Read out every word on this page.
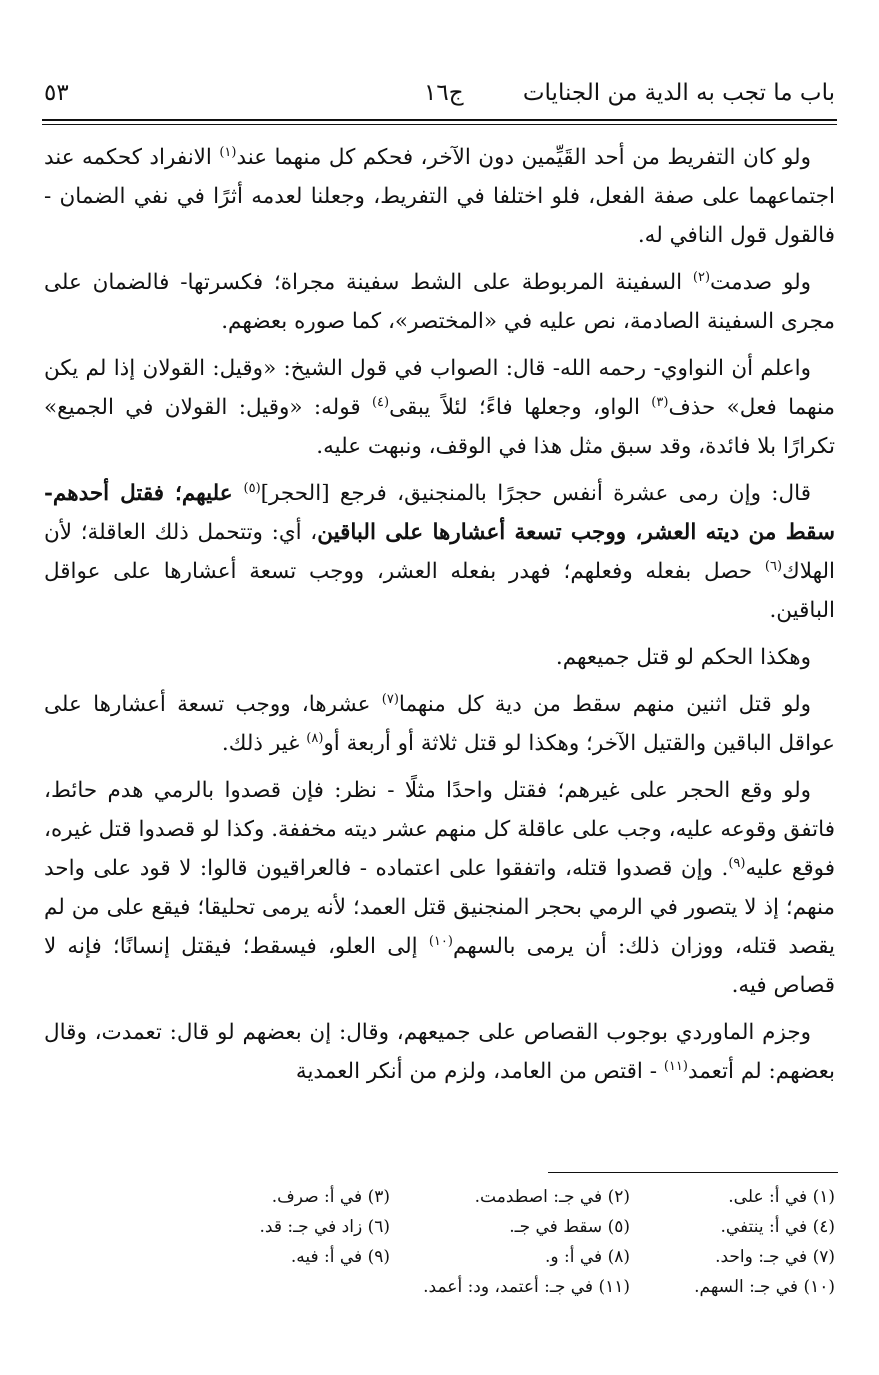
باب ما تجب به الدية من الجنايات
ج١٦
٥٣

ولو كان التفريط من أحد القَيِّمين دون الآخر، فحكم كل منهما عند$^{(١)}$ الانفراد كحكمه عند اجتماعهما على صفة الفعل، فلو اختلفا في التفريط، وجعلنا لعدمه أثرًا في نفي الضمان - فالقول قول النافي له.

ولو صدمت$^{(٢)}$ السفينة المربوطة على الشط سفينة مجراة؛ فكسرتها- فالضمان على مجرى السفينة الصادمة، نص عليه في «المختصر»، كما صوره بعضهم.

واعلم أن النواوي- رحمه الله- قال: الصواب في قول الشيخ: «وقيل: القولان إذا لم يكن منهما فعل» حذف$^{(٣)}$ الواو، وجعلها فاءً؛ لئلاً يبقى$^{(٤)}$ قوله: «وقيل: القولان في الجميع» تكرارًا بلا فائدة، وقد سبق مثل هذا في الوقف، ونبهت عليه.

قال: وإن رمى عشرة أنفس حجرًا بالمنجنيق، فرجع [الحجر]$^{(٥)}$ عليهم؛ فقتل أحدهم- سقط من ديته العشر، ووجب تسعة أعشارها على الباقين، أي: وتتحمل ذلك العاقلة؛ لأن الهلاك$^{(٦)}$ حصل بفعله وفعلهم؛ فهدر بفعله العشر، ووجب تسعة أعشارها على عواقل الباقين.

وهكذا الحكم لو قتل جميعهم.

ولو قتل اثنين منهم سقط من دية كل منهما$^{(٧)}$ عشرها، ووجب تسعة أعشارها على عواقل الباقين والقتيل الآخر؛ وهكذا لو قتل ثلاثة أو أربعة أو$^{(٨)}$ غير ذلك.

ولو وقع الحجر على غيرهم؛ فقتل واحدًا مثلًا - نظر: فإن قصدوا بالرمي هدم حائط، فاتفق وقوعه عليه، وجب على عاقلة كل منهم عشر ديته مخففة. وكذا لو قصدوا قتل غيره، فوقع عليه$^{(٩)}$. وإن قصدوا قتله، واتفقوا على اعتماده - فالعراقيون قالوا: لا قود على واحد منهم؛ إذ لا يتصور في الرمي بحجر المنجنيق قتل العمد؛ لأنه يرمى تحليقا؛ فيقع على من لم يقصد قتله، ووزان ذلك: أن يرمى بالسهم$^{(١٠)}$ إلى العلو، فيسقط؛ فيقتل إنسانًا؛ فإنه لا قصاص فيه.

وجزم الماوردي بوجوب القصاص على جميعهم، وقال: إن بعضهم لو قال: تعمدت، وقال بعضهم: لم أتعمد$^{(١١)}$ - اقتص من العامد، ولزم من أنكر العمدية

(١) في أ: على.
(٢) في جـ: اصطدمت.
(٣) في أ: صرف.
(٤) في أ: ينتفي.
(٥) سقط في جـ.
(٦) زاد في جـ: قد.
(٧) في جـ: واحد.
(٨) في أ: و.
(٩) في أ: فيه.
(١٠) في جـ: السهم.
(١١) في جـ: أعتمد، ود: أعمد.
